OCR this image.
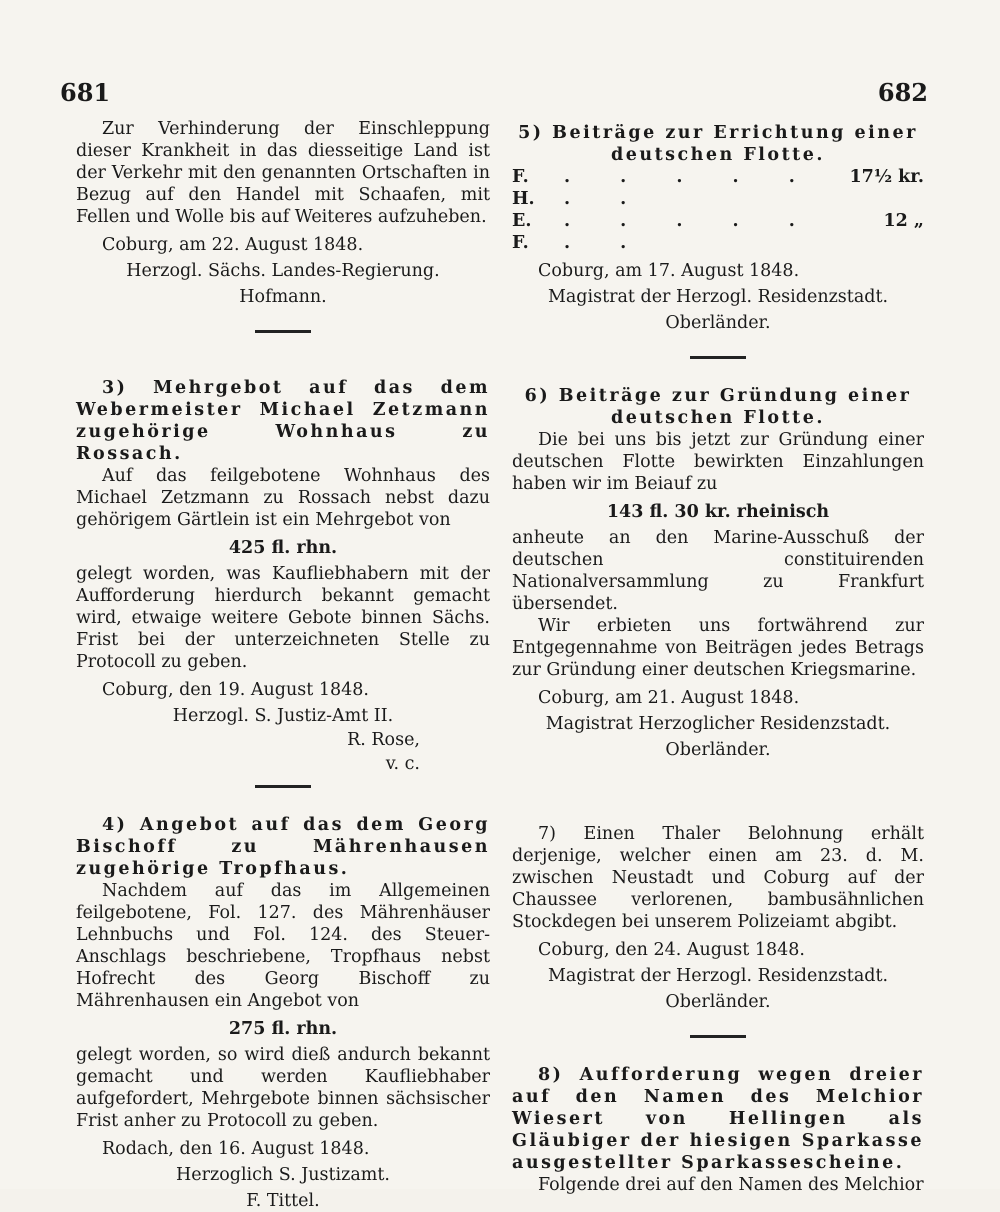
681	682

Zur Verhinderung der Einschleppung dieser Krankheit in das diesseitige Land ist der Verkehr mit den genannten Ortschaften in Bezug auf den Handel mit Schaafen, mit Fellen und Wolle bis auf Weiteres aufzuheben.

Coburg, am 22. August 1848.

Herzogl. Sächs. Landes-Regierung.

Hofmann.

3) Mehrgebot auf das dem Webermeister Michael Zetzmann zugehörige Wohnhaus zu Rossach.

Auf das feilgebotene Wohnhaus des Michael Zetzmann zu Rossach nebst dazu gehörigem Gärtlein ist ein Mehrgebot von

425 fl. rhn.

gelegt worden, was Kaufliebhabern mit der Aufforderung hierdurch bekannt gemacht wird, etwaige weitere Gebote binnen Sächs. Frist bei der unterzeichneten Stelle zu Protocoll zu geben.

Coburg, den 19. August 1848.

Herzogl. S. Justiz-Amt II.

R. Rose,

v. c.

4) Angebot auf das dem Georg Bischoff zu Mährenhausen zugehörige Tropfhaus.

Nachdem auf das im Allgemeinen feilgebotene, Fol. 127. des Mährenhäuser Lehnbuchs und Fol. 124. des Steuer-Anschlags beschriebene, Tropfhaus nebst Hofrecht des Georg Bischoff zu Mährenhausen ein Angebot von

275 fl. rhn.

gelegt worden, so wird dieß andurch bekannt gemacht und werden Kaufliebhaber aufgefordert, Mehrgebote binnen sächsischer Frist anher zu Protocoll zu geben.

Rodach, den 16. August 1848.

Herzoglich S. Justizamt.

F. Tittel.

5) Beiträge zur Errichtung einer deutschen Flotte.

F. H.
. . . . . . .
17½ kr.
E. F.
. . . . . . .
12 „

Coburg, am 17. August 1848.

Magistrat der Herzogl. Residenzstadt.

Oberländer.

6) Beiträge zur Gründung einer deutschen Flotte.

Die bei uns bis jetzt zur Gründung einer deutschen Flotte bewirkten Einzahlungen haben wir im Beiauf zu

143 fl. 30 kr. rheinisch

anheute an den Marine-Ausschuß der deutschen constituirenden Nationalversammlung zu Frankfurt übersendet.

Wir erbieten uns fortwährend zur Entgegennahme von Beiträgen jedes Betrags zur Gründung einer deutschen Kriegsmarine.

Coburg, am 21. August 1848.

Magistrat Herzoglicher Residenzstadt.

Oberländer.

7) Einen Thaler Belohnung erhält derjenige, welcher einen am 23. d. M. zwischen Neustadt und Coburg auf der Chaussee verlorenen, bambusähnlichen Stockdegen bei unserem Polizeiamt abgibt.

Coburg, den 24. August 1848.

Magistrat der Herzogl. Residenzstadt.

Oberländer.

8) Aufforderung wegen dreier auf den Namen des Melchior Wiesert von Hellingen als Gläubiger der hiesigen Sparkasse ausgestellter Sparkassescheine.

Folgende drei auf den Namen des Melchior
